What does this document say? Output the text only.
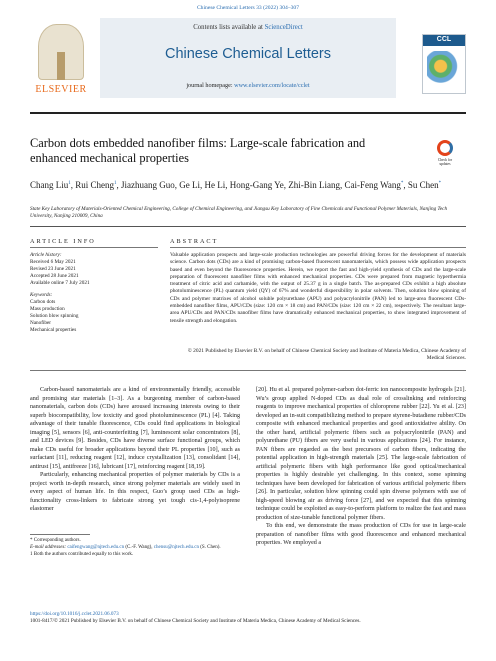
Chinese Chemical Letters 33 (2022) 304–307
ELSEVIER
Contents lists available at ScienceDirect
Chinese Chemical Letters
journal homepage: www.elsevier.com/locate/cclet
CCL
Carbon dots embedded nanofiber films: Large-scale fabrication and enhanced mechanical properties	Check for updates
Chang Liu$^1$, Rui Cheng$^1$, Jiazhuang Guo, Ge Li, He Li, Hong-Gang Ye, Zhi-Bin Liang, Cai-Feng Wang*, Su Chen*
State Key Laboratory of Materials-Oriented Chemical Engineering, College of Chemical Engineering, and Jiangsu Key Laboratory of Fine Chemicals and Functional Polymer Materials, Nanjing Tech University, Nanjing 210009, China
ARTICLE INFO	ABSTRACT
Article history:
Received 6 May 2021
Revised 23 June 2021
Accepted 28 June 2021
Available online 7 July 2021
Keywords:
Carbon dots
Mass production
Solution blow spinning
Nanofiber
Mechanical properties
Valuable application prospects and large-scale production technologies are powerful driving forces for the development of materials science. Carbon dots (CDs) are a kind of promising carbon-based fluorescent nanomaterials, which possess wide application prospects based and even beyond the fluorescence properties. Herein, we report the fast and high-yield synthesis of CDs and the large-scale preparation of fluorescent nanofiber films with enhanced mechanical properties. CDs were prepared from magnetic hyperthermia treatment of citric acid and carbamide, with the output of 25.37 g in a single batch. The as-prepared CDs exhibit a high absolute photoluminescence (PL) quantum yield (QY) of 67% and wonderful dispersibility in polar solvents. Then, solution blow spinning of CDs and polymer matrixes of alcohol soluble polyurethane (APU) and polyacrylonitrile (PAN) led to large-area fluorescent CDs-embedded nanofiber films, APU/CDs (size: 120 cm × 18 cm) and PAN/CDs (size: 120 cm × 22 cm), respectively. The resultant large-area APU/CDs and PAN/CDs nanofiber films have dramatically enhanced mechanical properties, to show integrated improvement of tensile strength and elongation.
© 2021 Published by Elsevier B.V. on behalf of Chinese Chemical Society and Institute of Materia Medica, Chinese Academy of Medical Sciences.

Carbon-based nanomaterials are a kind of environmentally friendly, accessible and promising star materials [1–3]. As a burgeoning member of carbon-based nanomaterials, carbon dots (CDs) have aroused increasing interests owing to their superb biocompatibility, low toxicity and good photoluminescence (PL) [4]. Taking advantage of their tunable fluorescence, CDs could find applications in biological imaging [5], sensors [6], anti-counterfeiting [7], luminescent solar concentrators [8], and LED devices [9]. Besides, CDs have diverse surface functional groups, which make CDs useful for broader applications beyond their PL properties [10], such as surfactant [11], reducing reagent [12], induce crystallization [13], consolidant [14], antirust [15], antifreeze [16], lubricant [17], reinforcing reagent [18,19].

Particularly, enhancing mechanical properties of polymer materials by CDs is a project worth in-depth research, since strong polymer materials are widely used in every aspect of human life. In this respect, Guo’s group used CDs as high-functionality cross-linkers to fabricate strong yet tough cis-1,4-polyisoprene elastomer

[20]. Hu et al. prepared polymer-carbon dot-ferric ion nanocomposite hydrogels [21]. Wu’s group applied N-doped CDs as dual role of crosslinking and reinforcing reagents to improve mechanical properties of chloroprene rubber [22]. Yu et al. [23] developed an in-suit compatibilizing method to prepare styrene-butadiene rubber/CDs composite with enhanced mechanical properties and good antioxidative ability. On the other hand, artificial polymeric fibers such as polyacrylonitrile (PAN) and polyurethane (PU) fibers are very useful in various applications [24]. For instance, PAN fibers are regarded as the best precursors of carbon fibers, indicating the potential application in high-strength materials [25]. The large-scale fabrication of artificial polymeric fibers with high performance like good optical/mechanical properties is highly desirable yet challenging. In this context, some spinning techniques have been developed for fabrication of various artificial polymeric fibers [26]. In particular, solution blow spinning could spin diverse polymers with use of high-speed blowing air as driving force [27], and we expected that this spinning technique could be exploited as easy-to-perform platform to realize the fast and mass production of size-tunable functional polymer fibers.

To this end, we demonstrate the mass production of CDs for use in large-scale preparation of nanofiber films with good fluorescence and enhanced mechanical properties. We employed a

* Corresponding authors.
E-mail addresses: caifengwang@njtech.edu.cn (C.-F. Wang), chensu@njtech.edu.cn (S. Chen).
1 Both the authors contributed equally to this work.
https://doi.org/10.1016/j.cclet.2021.06.073
1001-8417/© 2021 Published by Elsevier B.V. on behalf of Chinese Chemical Society and Institute of Materia Medica, Chinese Academy of Medical Sciences.
